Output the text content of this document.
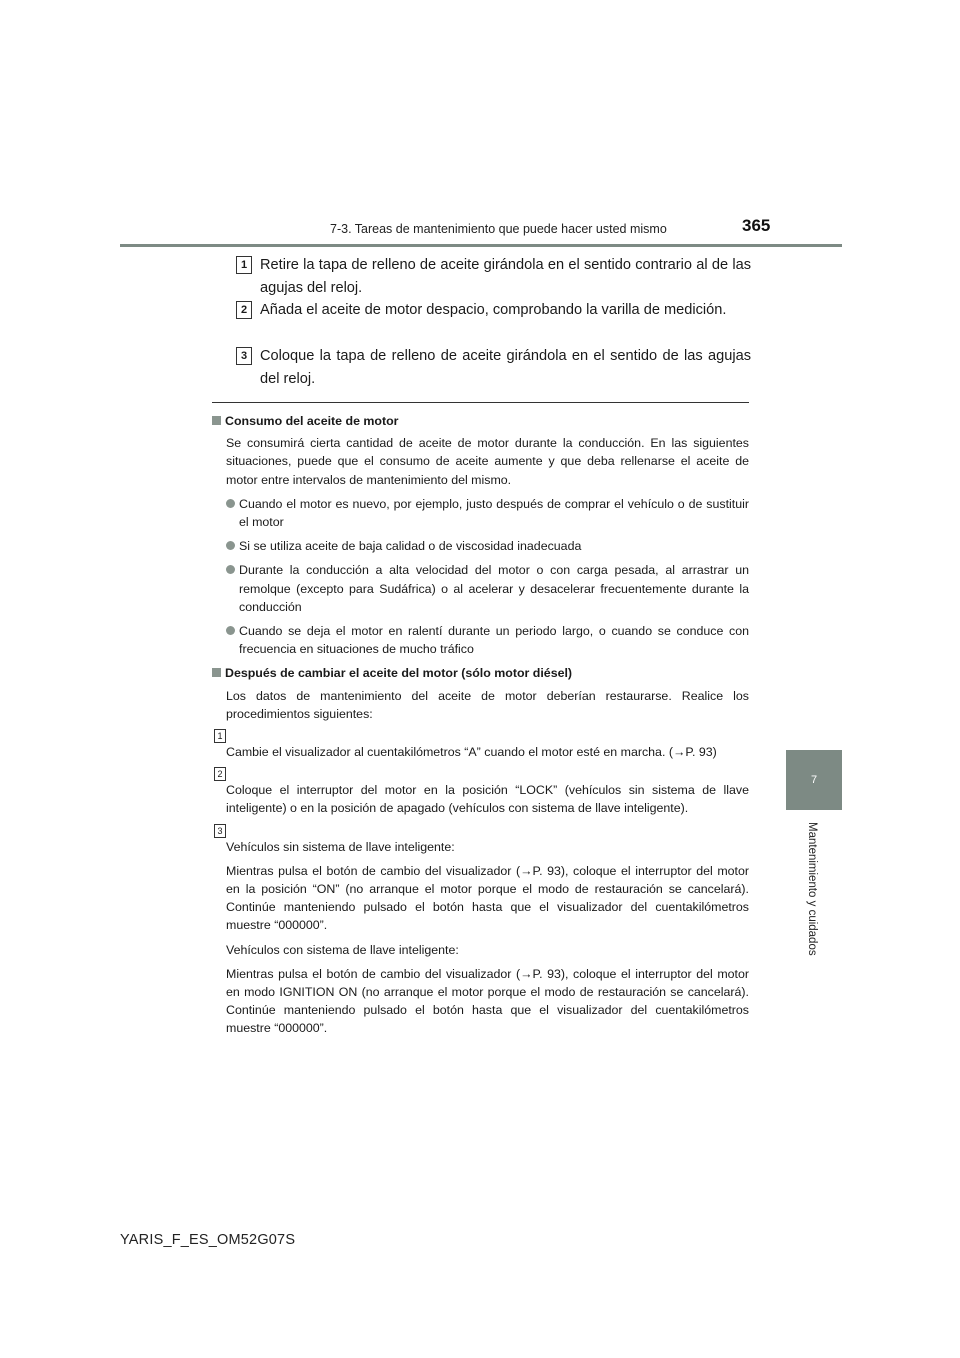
7-3. Tareas de mantenimiento que puede hacer usted mismo	365
7
Mantenimiento y cuidados
1 Retire la tapa de relleno de aceite girándola en el sentido contrario al de las agujas del reloj.

2 Añada el aceite de motor despacio, comprobando la varilla de medición.

3 Coloque la tapa de relleno de aceite girándola en el sentido de las agujas del reloj.

Consumo del aceite de motor

Se consumirá cierta cantidad de aceite de motor durante la conducción. En las siguientes situaciones, puede que el consumo de aceite aumente y que deba rellenarse el aceite de motor entre intervalos de mantenimiento del mismo.

Cuando el motor es nuevo, por ejemplo, justo después de comprar el vehículo o de sustituir el motor
Si se utiliza aceite de baja calidad o de viscosidad inadecuada
Durante la conducción a alta velocidad del motor o con carga pesada, al arrastrar un remolque (excepto para Sudáfrica) o al acelerar y desacelerar frecuentemente durante la conducción
Cuando se deja el motor en ralentí durante un periodo largo, o cuando se conduce con frecuencia en situaciones de mucho tráfico
Después de cambiar el aceite del motor (sólo motor diésel)

Los datos de mantenimiento del aceite de motor deberían restaurarse. Realice los procedimientos siguientes:

1

Cambie el visualizador al cuentakilómetros “A” cuando el motor esté en marcha. (→P. 93)

2

Coloque el interruptor del motor en la posición “LOCK” (vehículos sin sistema de llave inteligente) o en la posición de apagado (vehículos con sistema de llave inteligente).

3

Vehículos sin sistema de llave inteligente:

Mientras pulsa el botón de cambio del visualizador (→P. 93), coloque el interruptor del motor en la posición “ON” (no arranque el motor porque el modo de restauración se cancelará). Continúe manteniendo pulsado el botón hasta que el visualizador del cuentakilómetros muestre “000000”.

Vehículos con sistema de llave inteligente:

Mientras pulsa el botón de cambio del visualizador (→P. 93), coloque el interruptor del motor en modo IGNITION ON (no arranque el motor porque el modo de restauración se cancelará). Continúe manteniendo pulsado el botón hasta que el visualizador del cuentakilómetros muestre “000000”.

YARIS_F_ES_OM52G07S
